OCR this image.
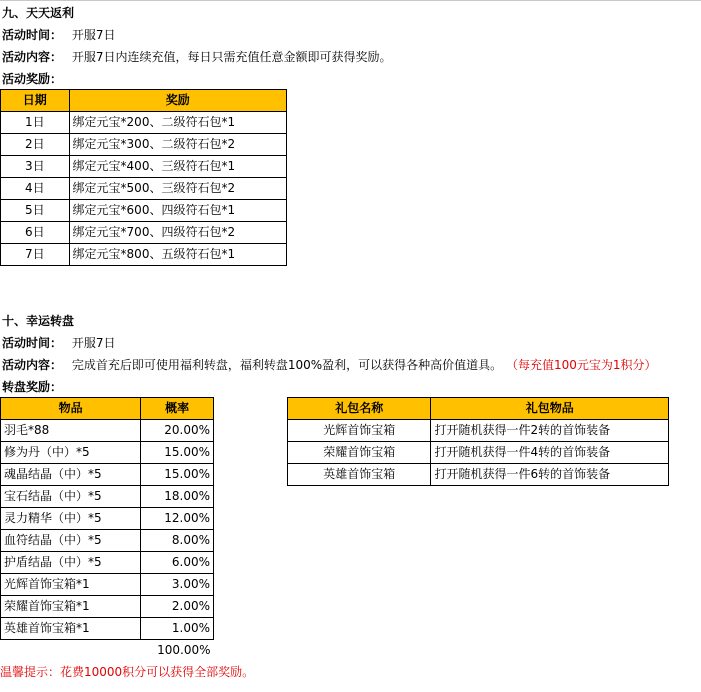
九、天天返利
活动时间： 开服7日
活动内容： 开服7日内连续充值，每日只需充值任意金额即可获得奖励。
活动奖励：
日期	奖励
1日	绑定元宝*200、二级符石包*1
2日	绑定元宝*300、二级符石包*2
3日	绑定元宝*400、三级符石包*1
4日	绑定元宝*500、三级符石包*2
5日	绑定元宝*600、四级符石包*1
6日	绑定元宝*700、四级符石包*2
7日	绑定元宝*800、五级符石包*1
十、幸运转盘
活动时间： 开服7日
活动内容： 完成首充后即可使用福利转盘，福利转盘100%盈利，可以获得各种高价值道具。 （每充值100元宝为1积分）
转盘奖励：
物品	概率
羽毛*88	20.00%
修为丹（中）*5	15.00%
魂晶结晶（中）*5	15.00%
宝石结晶（中）*5	18.00%
灵力精华（中）*5	12.00%
血符结晶（中）*5	8.00%
护盾结晶（中）*5	6.00%
光辉首饰宝箱*1	3.00%
荣耀首饰宝箱*1	2.00%
英雄首饰宝箱*1	1.00%
	100.00%
礼包名称	礼包物品
光辉首饰宝箱	打开随机获得一件2转的首饰装备
荣耀首饰宝箱	打开随机获得一件4转的首饰装备
英雄首饰宝箱	打开随机获得一件6转的首饰装备
温馨提示：花费10000积分可以获得全部奖励。
